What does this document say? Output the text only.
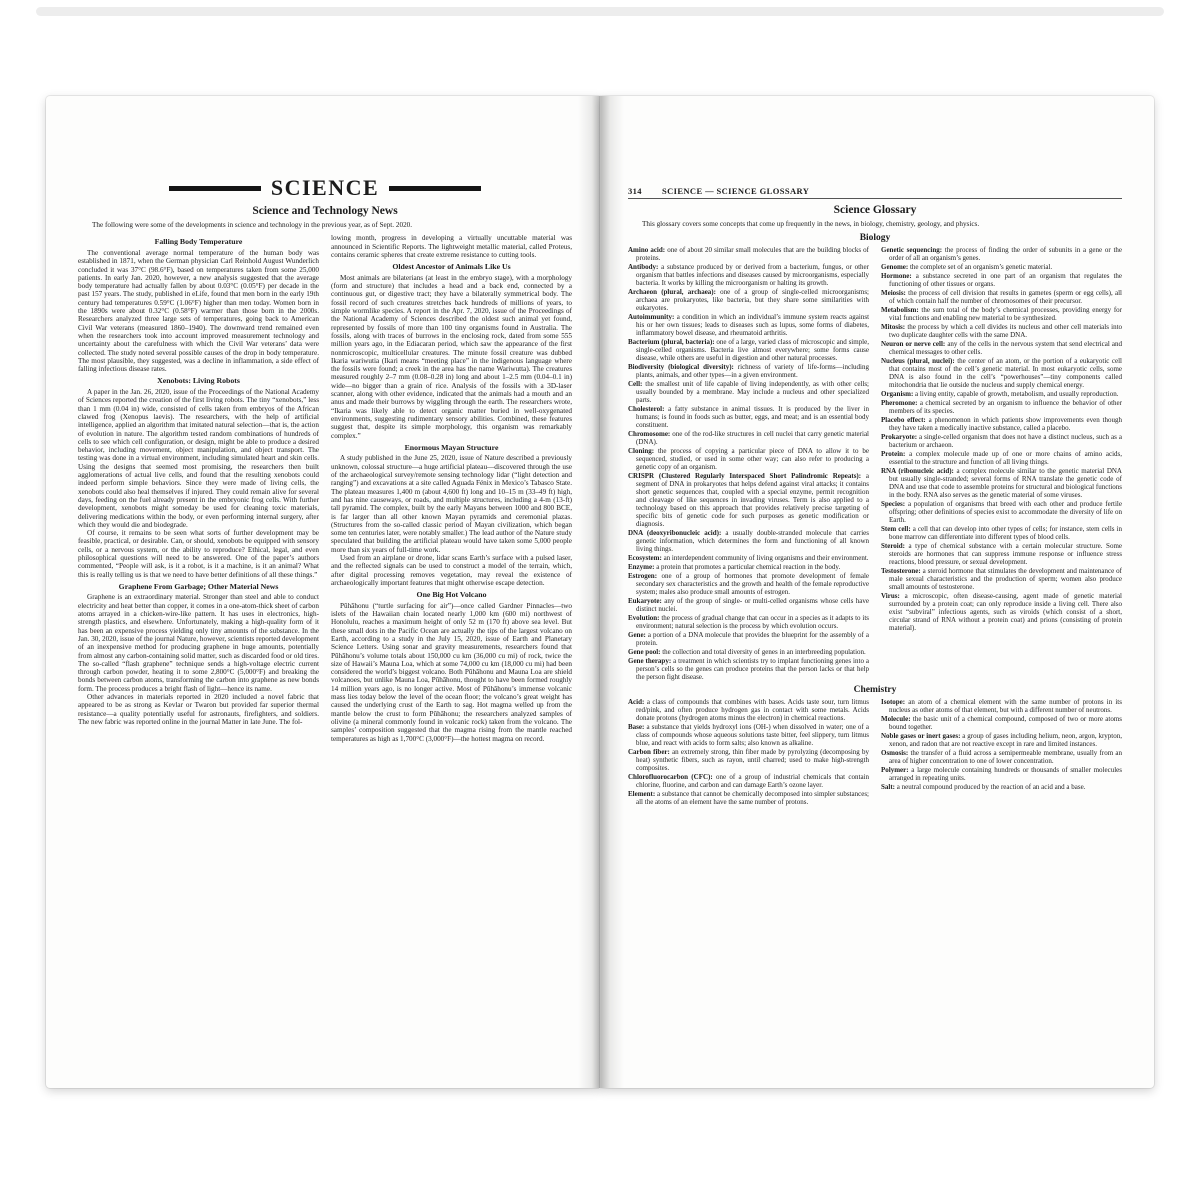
SCIENCE
Science and Technology News

The following were some of the developments in science and technology in the previous year, as of Sept. 2020.

Falling Body Temperature

The conventional average normal temperature of the human body was established in 1871, when the German physician Carl Reinhold August Wunderlich concluded it was 37°C (98.6°F), based on temperatures taken from some 25,000 patients. In early Jan. 2020, however, a new analysis suggested that the average body temperature had actually fallen by about 0.03°C (0.05°F) per decade in the past 157 years. The study, published in eLife, found that men born in the early 19th century had temperatures 0.59°C (1.06°F) higher than men today. Women born in the 1890s were about 0.32°C (0.58°F) warmer than those born in the 2000s. Researchers analyzed three large sets of temperatures, going back to American Civil War veterans (measured 1860–1940). The downward trend remained even when the researchers took into account improved measurement technology and uncertainty about the carefulness with which the Civil War veterans’ data were collected. The study noted several possible causes of the drop in body temperature. The most plausible, they suggested, was a decline in inflammation, a side effect of falling infectious disease rates.

Xenobots: Living Robots

A paper in the Jan. 26, 2020, issue of the Proceedings of the National Academy of Sciences reported the creation of the first living robots. The tiny “xenobots,” less than 1 mm (0.04 in) wide, consisted of cells taken from embryos of the African clawed frog (Xenopus laevis). The researchers, with the help of artificial intelligence, applied an algorithm that imitated natural selection—that is, the action of evolution in nature. The algorithm tested random combinations of hundreds of cells to see which cell configuration, or design, might be able to produce a desired behavior, including movement, object manipulation, and object transport. The testing was done in a virtual environment, including simulated heart and skin cells. Using the designs that seemed most promising, the researchers then built agglomerations of actual live cells, and found that the resulting xenobots could indeed perform simple behaviors. Since they were made of living cells, the xenobots could also heal themselves if injured. They could remain alive for several days, feeding on the fuel already present in the embryonic frog cells. With further development, xenobots might someday be used for cleaning toxic materials, delivering medications within the body, or even performing internal surgery, after which they would die and biodegrade.

Of course, it remains to be seen what sorts of further development may be feasible, practical, or desirable. Can, or should, xenobots be equipped with sensory cells, or a nervous system, or the ability to reproduce? Ethical, legal, and even philosophical questions will need to be answered. One of the paper’s authors commented, “People will ask, is it a robot, is it a machine, is it an animal? What this is really telling us is that we need to have better definitions of all these things.”

Graphene From Garbage; Other Material News

Graphene is an extraordinary material. Stronger than steel and able to conduct electricity and heat better than copper, it comes in a one-atom-thick sheet of carbon atoms arrayed in a chicken-wire-like pattern. It has uses in electronics, high-strength plastics, and elsewhere. Unfortunately, making a high-quality form of it has been an expensive process yielding only tiny amounts of the substance. In the Jan. 30, 2020, issue of the journal Nature, however, scientists reported development of an inexpensive method for producing graphene in huge amounts, potentially from almost any carbon-containing solid matter, such as discarded food or old tires. The so-called “flash graphene” technique sends a high-voltage electric current through carbon powder, heating it to some 2,800°C (5,000°F) and breaking the bonds between carbon atoms, transforming the carbon into graphene as new bonds form. The process produces a bright flash of light—hence its name.

Other advances in materials reported in 2020 included a novel fabric that appeared to be as strong as Kevlar or Twaron but provided far superior thermal resistance—a quality potentially useful for astronauts, firefighters, and soldiers. The new fabric was reported online in the journal Matter in late June. The fol-

lowing month, progress in developing a virtually uncuttable material was announced in Scientific Reports. The lightweight metallic material, called Proteus, contains ceramic spheres that create extreme resistance to cutting tools.

Oldest Ancestor of Animals Like Us

Most animals are bilaterians (at least in the embryo stage), with a morphology (form and structure) that includes a head and a back end, connected by a continuous gut, or digestive tract; they have a bilaterally symmetrical body. The fossil record of such creatures stretches back hundreds of millions of years, to simple wormlike species. A report in the Apr. 7, 2020, issue of the Proceedings of the National Academy of Sciences described the oldest such animal yet found, represented by fossils of more than 100 tiny organisms found in Australia. The fossils, along with traces of burrows in the enclosing rock, dated from some 555 million years ago, in the Ediacaran period, which saw the appearance of the first nonmicroscopic, multicellular creatures. The minute fossil creature was dubbed Ikaria wariwutia (Ikari means “meeting place” in the indigenous language where the fossils were found; a creek in the area has the name Wariwutta). The creatures measured roughly 2–7 mm (0.08–0.28 in) long and about 1–2.5 mm (0.04–0.1 in) wide—no bigger than a grain of rice. Analysis of the fossils with a 3D-laser scanner, along with other evidence, indicated that the animals had a mouth and an anus and made their burrows by wiggling through the earth. The researchers wrote, “Ikaria was likely able to detect organic matter buried in well-oxygenated environments, suggesting rudimentary sensory abilities. Combined, these features suggest that, despite its simple morphology, this organism was remarkably complex.”

Enormous Mayan Structure

A study published in the June 25, 2020, issue of Nature described a previously unknown, colossal structure—a huge artificial plateau—discovered through the use of the archaeological survey/remote sensing technology lidar (“light detection and ranging”) and excavations at a site called Aguada Fénix in Mexico’s Tabasco State. The plateau measures 1,400 m (about 4,600 ft) long and 10–15 m (33–49 ft) high, and has nine causeways, or roads, and multiple structures, including a 4-m (13-ft) tall pyramid. The complex, built by the early Mayans between 1000 and 800 BCE, is far larger than all other known Mayan pyramids and ceremonial plazas. (Structures from the so-called classic period of Mayan civilization, which began some ten centuries later, were notably smaller.) The lead author of the Nature study speculated that building the artificial plateau would have taken some 5,000 people more than six years of full-time work.

Used from an airplane or drone, lidar scans Earth’s surface with a pulsed laser, and the reflected signals can be used to construct a model of the terrain, which, after digital processing removes vegetation, may reveal the existence of archaeologically important features that might otherwise escape detection.

One Big Hot Volcano

Pūhāhonu (“turtle surfacing for air”)—once called Gardner Pinnacles—two islets of the Hawaiian chain located nearly 1,000 km (600 mi) northwest of Honolulu, reaches a maximum height of only 52 m (170 ft) above sea level. But these small dots in the Pacific Ocean are actually the tips of the largest volcano on Earth, according to a study in the July 15, 2020, issue of Earth and Planetary Science Letters. Using sonar and gravity measurements, researchers found that Pūhāhonu’s volume totals about 150,000 cu km (36,000 cu mi) of rock, twice the size of Hawaii’s Mauna Loa, which at some 74,000 cu km (18,000 cu mi) had been considered the world’s biggest volcano. Both Pūhāhonu and Mauna Loa are shield volcanoes, but unlike Mauna Loa, Pūhāhonu, thought to have been formed roughly 14 million years ago, is no longer active. Most of Pūhāhonu’s immense volcanic mass lies today below the level of the ocean floor; the volcano’s great weight has caused the underlying crust of the Earth to sag. Hot magma welled up from the mantle below the crust to form Pūhāhonu; the researchers analyzed samples of olivine (a mineral commonly found in volcanic rock) taken from the volcano. The samples’ composition suggested that the magma rising from the mantle reached temperatures as high as 1,700°C (3,000°F)—the hottest magma on record.

314 SCIENCE — SCIENCE GLOSSARY
Science Glossary

This glossary covers some concepts that come up frequently in the news, in biology, chemistry, geology, and physics.

Biology

Amino acid: one of about 20 similar small molecules that are the building blocks of proteins.

Antibody: a substance produced by or derived from a bacterium, fungus, or other organism that battles infections and diseases caused by microorganisms, especially bacteria. It works by killing the microorganism or halting its growth.

Archaeon (plural, archaea): one of a group of single-celled microorganisms; archaea are prokaryotes, like bacteria, but they share some similarities with eukaryotes.

Autoimmunity: a condition in which an individual’s immune system reacts against his or her own tissues; leads to diseases such as lupus, some forms of diabetes, inflammatory bowel disease, and rheumatoid arthritis.

Bacterium (plural, bacteria): one of a large, varied class of microscopic and simple, single-celled organisms. Bacteria live almost everywhere; some forms cause disease, while others are useful in digestion and other natural processes.

Biodiversity (biological diversity): richness of variety of life-forms—including plants, animals, and other types—in a given environment.

Cell: the smallest unit of life capable of living independently, as with other cells; usually bounded by a membrane. May include a nucleus and other specialized parts.

Cholesterol: a fatty substance in animal tissues. It is produced by the liver in humans; is found in foods such as butter, eggs, and meat; and is an essential body constituent.

Chromosome: one of the rod-like structures in cell nuclei that carry genetic material (DNA).

Cloning: the process of copying a particular piece of DNA to allow it to be sequenced, studied, or used in some other way; can also refer to producing a genetic copy of an organism.

CRISPR (Clustered Regularly Interspaced Short Palindromic Repeats): a segment of DNA in prokaryotes that helps defend against viral attacks; it contains short genetic sequences that, coupled with a special enzyme, permit recognition and cleavage of like sequences in invading viruses. Term is also applied to a technology based on this approach that provides relatively precise targeting of specific bits of genetic code for such purposes as genetic modification or diagnosis.

DNA (deoxyribonucleic acid): a usually double-stranded molecule that carries genetic information, which determines the form and functioning of all known living things.

Ecosystem: an interdependent community of living organisms and their environment.

Enzyme: a protein that promotes a particular chemical reaction in the body.

Estrogen: one of a group of hormones that promote development of female secondary sex characteristics and the growth and health of the female reproductive system; males also produce small amounts of estrogen.

Eukaryote: any of the group of single- or multi-celled organisms whose cells have distinct nuclei.

Evolution: the process of gradual change that can occur in a species as it adapts to its environment; natural selection is the process by which evolution occurs.

Gene: a portion of a DNA molecule that provides the blueprint for the assembly of a protein.

Gene pool: the collection and total diversity of genes in an interbreeding population.

Gene therapy: a treatment in which scientists try to implant functioning genes into a person’s cells so the genes can produce proteins that the person lacks or that help the person fight disease.

Genetic sequencing: the process of finding the order of subunits in a gene or the order of all an organism’s genes.

Genome: the complete set of an organism’s genetic material.

Hormone: a substance secreted in one part of an organism that regulates the functioning of other tissues or organs.

Meiosis: the process of cell division that results in gametes (sperm or egg cells), all of which contain half the number of chromosomes of their precursor.

Metabolism: the sum total of the body’s chemical processes, providing energy for vital functions and enabling new material to be synthesized.

Mitosis: the process by which a cell divides its nucleus and other cell materials into two duplicate daughter cells with the same DNA.

Neuron or nerve cell: any of the cells in the nervous system that send electrical and chemical messages to other cells.

Nucleus (plural, nuclei): the center of an atom, or the portion of a eukaryotic cell that contains most of the cell’s genetic material. In most eukaryotic cells, some DNA is also found in the cell’s “powerhouses”—tiny components called mitochondria that lie outside the nucleus and supply chemical energy.

Organism: a living entity, capable of growth, metabolism, and usually reproduction.

Pheromone: a chemical secreted by an organism to influence the behavior of other members of its species.

Placebo effect: a phenomenon in which patients show improvements even though they have taken a medically inactive substance, called a placebo.

Prokaryote: a single-celled organism that does not have a distinct nucleus, such as a bacterium or archaeon.

Protein: a complex molecule made up of one or more chains of amino acids, essential to the structure and function of all living things.

RNA (ribonucleic acid): a complex molecule similar to the genetic material DNA but usually single-stranded; several forms of RNA translate the genetic code of DNA and use that code to assemble proteins for structural and biological functions in the body. RNA also serves as the genetic material of some viruses.

Species: a population of organisms that breed with each other and produce fertile offspring; other definitions of species exist to accommodate the diversity of life on Earth.

Stem cell: a cell that can develop into other types of cells; for instance, stem cells in bone marrow can differentiate into different types of blood cells.

Steroid: a type of chemical substance with a certain molecular structure. Some steroids are hormones that can suppress immune response or influence stress reactions, blood pressure, or sexual development.

Testosterone: a steroid hormone that stimulates the development and maintenance of male sexual characteristics and the production of sperm; women also produce small amounts of testosterone.

Virus: a microscopic, often disease-causing, agent made of genetic material surrounded by a protein coat; can only reproduce inside a living cell. There also exist “subviral” infectious agents, such as viroids (which consist of a short, circular strand of RNA without a protein coat) and prions (consisting of protein material).

Chemistry

Acid: a class of compounds that combines with bases. Acids taste sour, turn litmus red/pink, and often produce hydrogen gas in contact with some metals. Acids donate protons (hydrogen atoms minus the electron) in chemical reactions.

Base: a substance that yields hydroxyl ions (OH-) when dissolved in water; one of a class of compounds whose aqueous solutions taste bitter, feel slippery, turn litmus blue, and react with acids to form salts; also known as alkaline.

Carbon fiber: an extremely strong, thin fiber made by pyrolyzing (decomposing by heat) synthetic fibers, such as rayon, until charred; used to make high-strength composites.

Chlorofluorocarbon (CFC): one of a group of industrial chemicals that contain chlorine, fluorine, and carbon and can damage Earth’s ozone layer.

Element: a substance that cannot be chemically decomposed into simpler substances; all the atoms of an element have the same number of protons.

Isotope: an atom of a chemical element with the same number of protons in its nucleus as other atoms of that element, but with a different number of neutrons.

Molecule: the basic unit of a chemical compound, composed of two or more atoms bound together.

Noble gases or inert gases: a group of gases including helium, neon, argon, krypton, xenon, and radon that are not reactive except in rare and limited instances.

Osmosis: the transfer of a fluid across a semipermeable membrane, usually from an area of higher concentration to one of lower concentration.

Polymer: a large molecule containing hundreds or thousands of smaller molecules arranged in repeating units.

Salt: a neutral compound produced by the reaction of an acid and a base.
